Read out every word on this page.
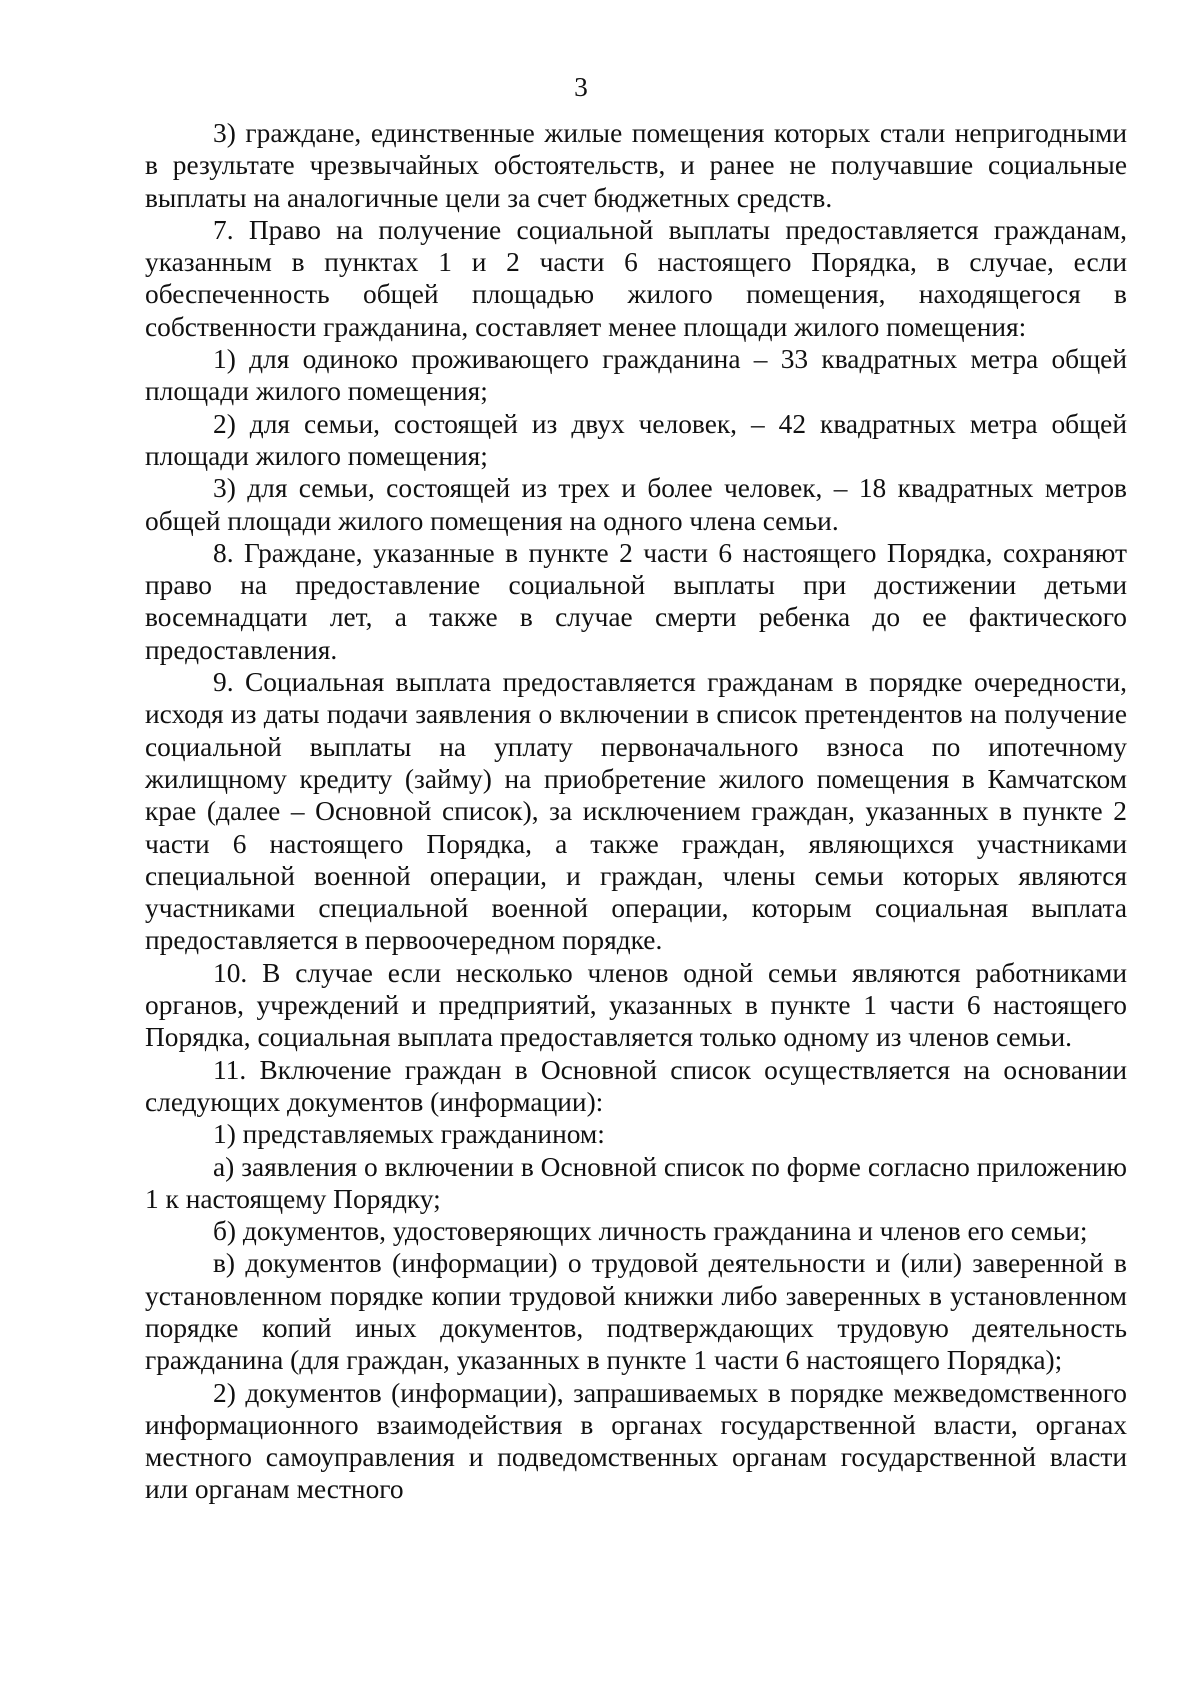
3

3) граждане, единственные жилые помещения которых стали непригодными в результате чрезвычайных обстоятельств, и ранее не получавшие социальные выплаты на аналогичные цели за счет бюджетных средств.

7. Право на получение социальной выплаты предоставляется гражданам, указанным в пунктах 1 и 2 части 6 настоящего Порядка, в случае, если обеспеченность общей площадью жилого помещения, находящегося в собственности гражданина, составляет менее площади жилого помещения:

1) для одиноко проживающего гражданина – 33 квадратных метра общей площади жилого помещения;

2) для семьи, состоящей из двух человек, – 42 квадратных метра общей площади жилого помещения;

3) для семьи, состоящей из трех и более человек, – 18 квадратных метров общей площади жилого помещения на одного члена семьи.

8. Граждане, указанные в пункте 2 части 6 настоящего Порядка, сохраняют право на предоставление социальной выплаты при достижении детьми восемнадцати лет, а также в случае смерти ребенка до ее фактического предоставления.

9. Социальная выплата предоставляется гражданам в порядке очередности, исходя из даты подачи заявления о включении в список претендентов на получение социальной выплаты на уплату первоначального взноса по ипотечному жилищному кредиту (займу) на приобретение жилого помещения в Камчатском крае (далее – Основной список), за исключением граждан, указанных в пункте 2 части 6 настоящего Порядка, а также граждан, являющихся участниками специальной военной операции, и граждан, члены семьи которых являются участниками специальной военной операции, которым социальная выплата предоставляется в первоочередном порядке.

10. В случае если несколько членов одной семьи являются работниками органов, учреждений и предприятий, указанных в пункте 1 части 6 настоящего Порядка, социальная выплата предоставляется только одному из членов семьи.

11. Включение граждан в Основной список осуществляется на основании следующих документов (информации):

1) представляемых гражданином:

а) заявления о включении в Основной список по форме согласно приложению 1 к настоящему Порядку;

б) документов, удостоверяющих личность гражданина и членов его семьи;

в) документов (информации) о трудовой деятельности и (или) заверенной в установленном порядке копии трудовой книжки либо заверенных в установленном порядке копий иных документов, подтверждающих трудовую деятельность гражданина (для граждан, указанных в пункте 1 части 6 настоящего Порядка);

2) документов (информации), запрашиваемых в порядке межведомственного информационного взаимодействия в органах государственной власти, органах местного самоуправления и подведомственных органам государственной власти или органам местного
